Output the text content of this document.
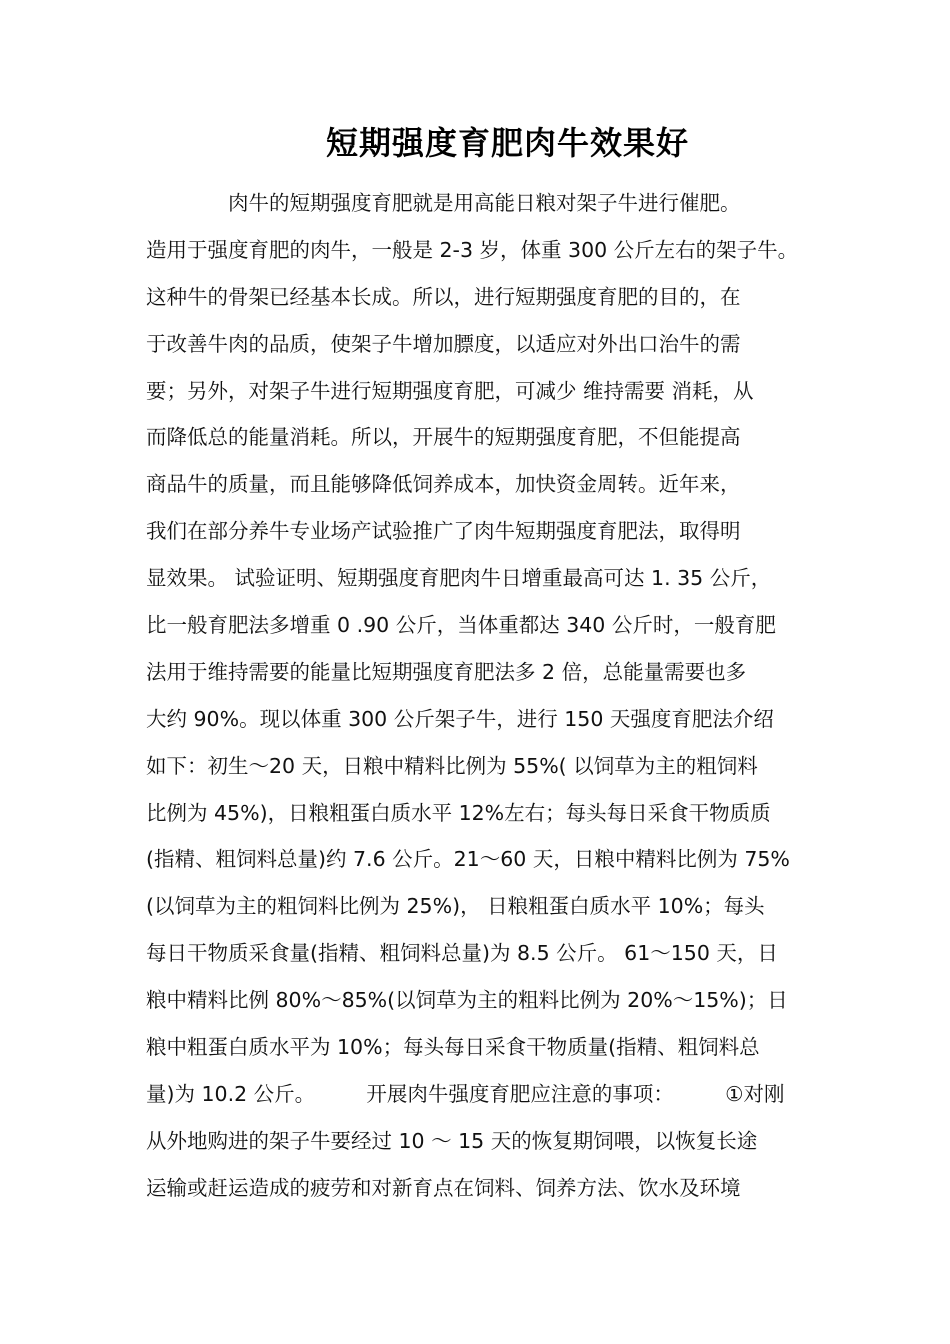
短期强度育肥肉牛效果好
　　　　肉牛的短期强度育肥就是用高能日粮对架子牛进行催肥。
造用于强度育肥的肉牛，一般是 2-3 岁，体重 300 公斤左右的架子牛。
这种牛的骨架已经基本长成。所以，进行短期强度育肥的目的，在
于改善牛肉的品质，使架子牛增加膘度，以适应对外出口治牛的需
要；另外，对架子牛进行短期强度育肥，可减少 维持需要 消耗，从
而降低总的能量消耗。所以，开展牛的短期强度育肥，不但能提高
商品牛的质量，而且能够降低饲养成本，加快资金周转。近年来，
我们在部分养牛专业场产试验推广了肉牛短期强度育肥法，取得明
显效果。 试验证明、短期强度育肥肉牛日增重最高可达 1. 35 公斤，
比一般育肥法多增重 0 .90 公斤，当体重都达 340 公斤时，一般育肥
法用于维持需要的能量比短期强度育肥法多 2 倍，总能量需要也多
大约 90%。现以体重 300 公斤架子牛，进行 150 天强度育肥法介绍
如下：初生～20 天，日粮中精料比例为 55%( 以饲草为主的粗饲料
比例为 45%)，日粮粗蛋白质水平 12%左右；每头每日采食干物质质
(指精、粗饲料总量)约 7.6 公斤。21～60 天，日粮中精料比例为 75%
(以饲草为主的粗饲料比例为 25%)， 日粮粗蛋白质水平 10%；每头
每日干物质采食量(指精、粗饲料总量)为 8.5 公斤。 61～150 天，日
粮中精料比例 80%～85%(以饲草为主的粗料比例为 20%～15%)；日
粮中粗蛋白质水平为 10%；每头每日采食干物质量(指精、粗饲料总
量)为 10.2 公斤。　　　开展肉牛强度育肥应注意的事项：　　　①对刚
从外地购进的架子牛要经过 10 ～ 15 天的恢复期饲喂，以恢复长途
运输或赶运造成的疲劳和对新育点在饲料、饲养方法、饮水及环境
